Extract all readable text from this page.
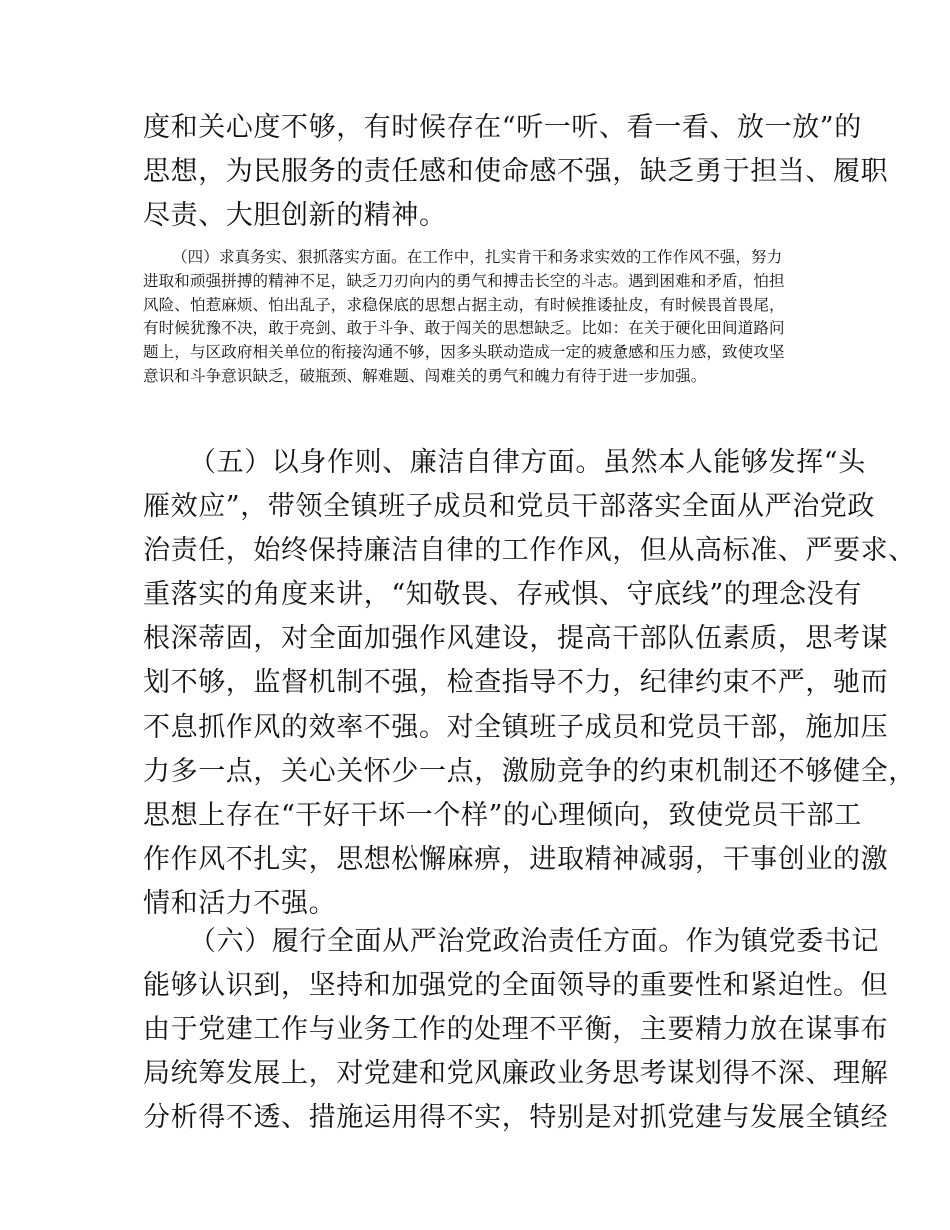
度和关心度不够，有时候存在“听一听、看一看、放一放”的
思想，为民服务的责任感和使命感不强，缺乏勇于担当、履职
尽责、大胆创新的精神。
（四）求真务实、狠抓落实方面。在工作中，扎实肯干和务求实效的工作作风不强，努力
进取和顽强拼搏的精神不足，缺乏刀刃向内的勇气和搏击长空的斗志。遇到困难和矛盾，怕担
风险、怕惹麻烦、怕出乱子，求稳保底的思想占据主动，有时候推诿扯皮，有时候畏首畏尾，
有时候犹豫不决，敢于亮剑、敢于斗争、敢于闯关的思想缺乏。比如：在关于硬化田间道路问
题上，与区政府相关单位的衔接沟通不够，因多头联动造成一定的疲惫感和压力感，致使攻坚
意识和斗争意识缺乏，破瓶颈、解难题、闯难关的勇气和魄力有待于进一步加强。
（五）以身作则、廉洁自律方面。虽然本人能够发挥“头
雁效应”，带领全镇班子成员和党员干部落实全面从严治党政
治责任，始终保持廉洁自律的工作作风，但从高标准、严要求、
重落实的角度来讲，“知敬畏、存戒惧、守底线”的理念没有
根深蒂固，对全面加强作风建设，提高干部队伍素质，思考谋
划不够，监督机制不强，检查指导不力，纪律约束不严，驰而
不息抓作风的效率不强。对全镇班子成员和党员干部，施加压
力多一点，关心关怀少一点，激励竞争的约束机制还不够健全，
思想上存在“干好干坏一个样”的心理倾向，致使党员干部工
作作风不扎实，思想松懈麻痹，进取精神减弱，干事创业的激
情和活力不强。
（六）履行全面从严治党政治责任方面。作为镇党委书记
能够认识到，坚持和加强党的全面领导的重要性和紧迫性。但
由于党建工作与业务工作的处理不平衡，主要精力放在谋事布
局统筹发展上，对党建和党风廉政业务思考谋划得不深、理解
分析得不透、措施运用得不实，特别是对抓党建与发展全镇经
